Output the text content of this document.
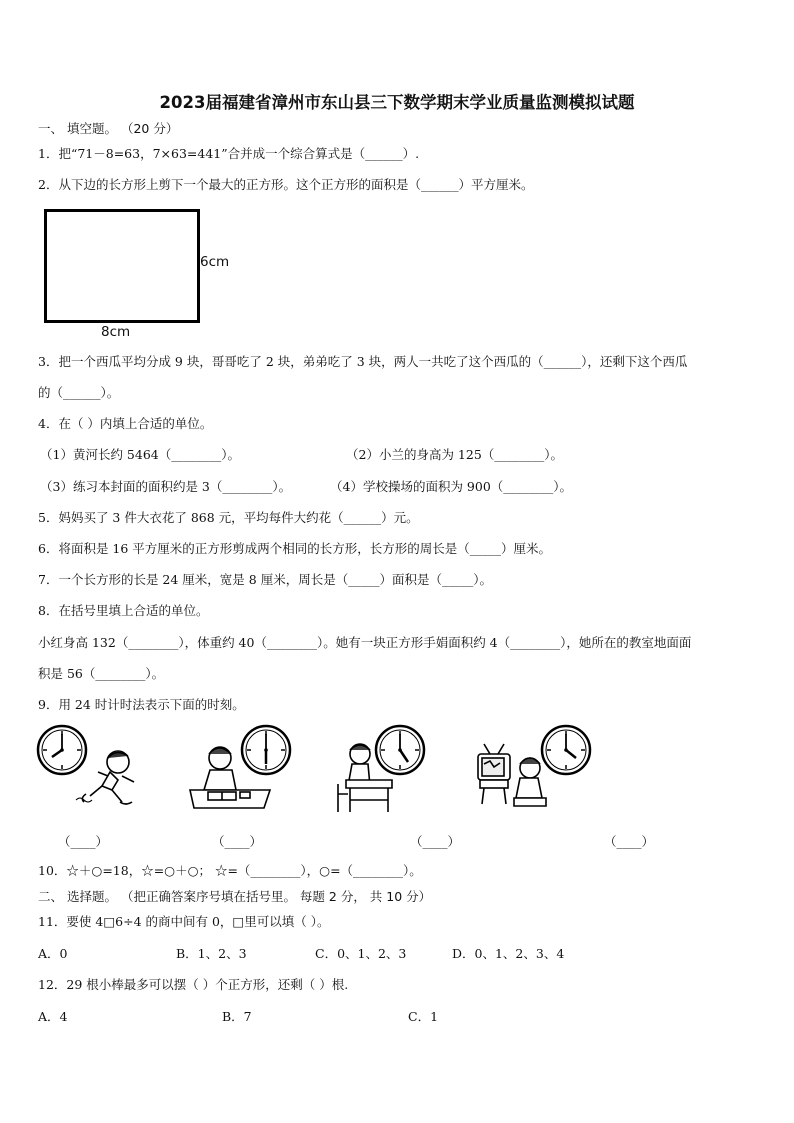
2023届福建省漳州市东山县三下数学期末学业质量监测模拟试题
一、 填空题。 （20 分）
1．把“71－8=63，7×63=441”合并成一个综合算式是（______）.
2．从下边的长方形上剪下一个最大的正方形。这个正方形的面积是（______）平方厘米。
6cm
8cm
3．把一个西瓜平均分成 9 块，哥哥吃了 2 块，弟弟吃了 3 块，两人一共吃了这个西瓜的（______），还剩下这个西瓜
的（______）。
4．在（ ）内填上合适的单位。
（1）黄河长约 5464（________）。	（2）小兰的身高为 125（________）。
（3）练习本封面的面积约是 3（________）。	（4）学校操场的面积为 900（________）。
5．妈妈买了 3 件大衣花了 868 元，平均每件大约花（______）元。
6．将面积是 16 平方厘米的正方形剪成两个相同的长方形，长方形的周长是（_____）厘米。
7．一个长方形的长是 24 厘米，宽是 8 厘米，周长是（_____）面积是（_____）。
8．在括号里填上合适的单位。
小红身高 132（________），体重约 40（________）。她有一块正方形手娟面积约 4（________），她所在的教室地面面
积是 56（________）。
9．用 24 时计时法表示下面的时刻。
（____）	（____）	（____）	（____）
10．☆＋○=18，☆=○＋○； ☆=（________），○=（________）。
二、 选择题。 （把正确答案序号填在括号里。 每题 2 分， 共 10 分）
11．要使 4□6÷4 的商中间有 0，□里可以填（ ）。
A．0	B．1、2、3	C．0、1、2、3	D．0、1、2、3、4
12．29 根小棒最多可以摆（ ）个正方形，还剩（ ）根.
A．4	B．7	C．1
